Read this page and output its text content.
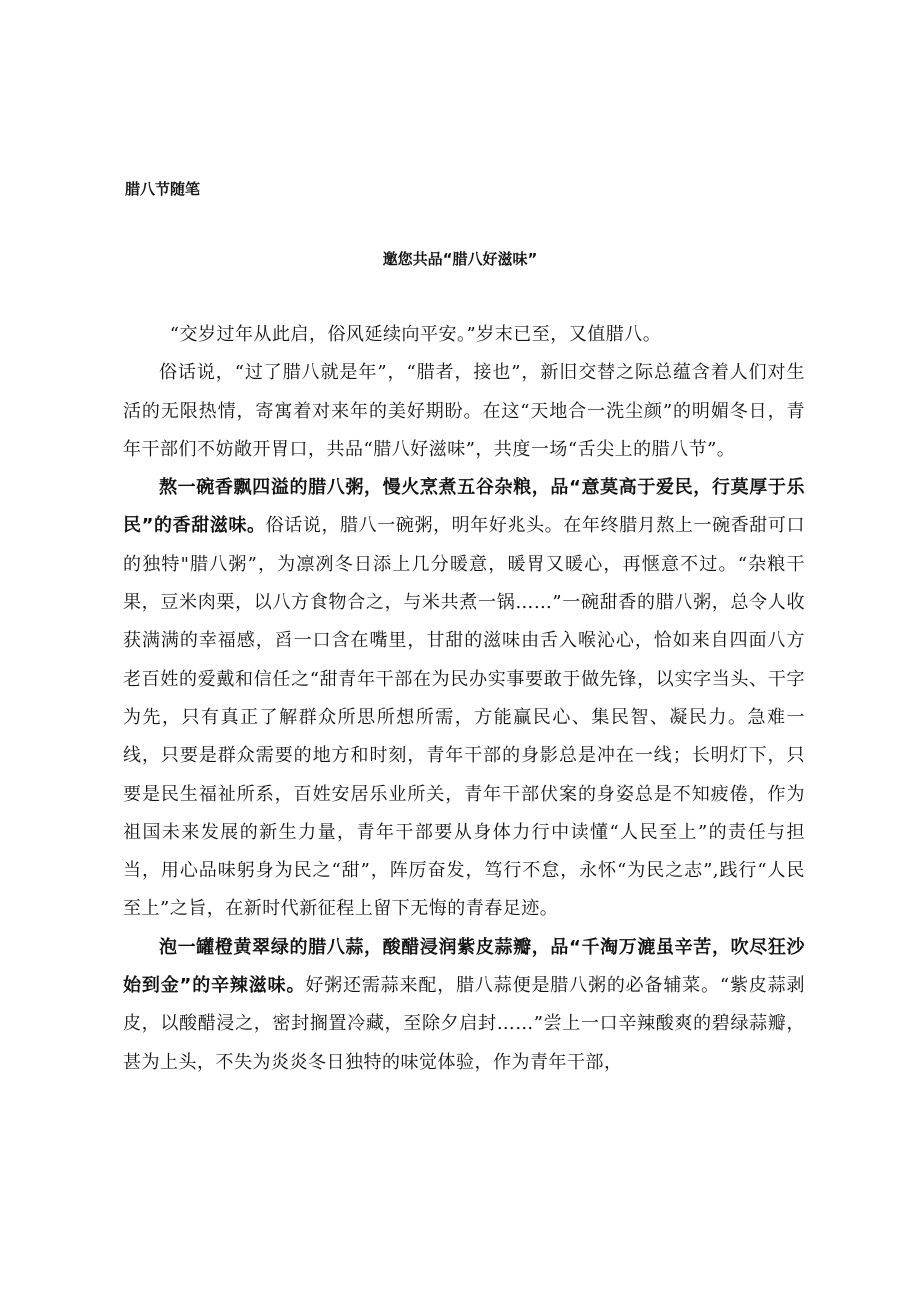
腊八节随笔
邀您共品“腊八好滋味”

“交岁过年从此启，俗风延续向平安。”岁末已至，又值腊八。

俗话说，“过了腊八就是年”，“腊者，接也”，新旧交替之际总蕴含着人们对生活的无限热情，寄寓着对来年的美好期盼。在这“天地合一洗尘颜”的明媚冬日，青年干部们不妨敞开胃口，共品“腊八好滋味”，共度一场“舌尖上的腊八节”。

熬一碗香飘四溢的腊八粥，慢火烹煮五谷杂粮，品“意莫高于爱民，行莫厚于乐民”的香甜滋味。俗话说，腊八一碗粥，明年好兆头。在年终腊月熬上一碗香甜可口的独特"腊八粥”，为凛冽冬日添上几分暖意，暖胃又暖心，再惬意不过。“杂粮干果，豆米肉栗，以八方食物合之，与米共煮一锅……”一碗甜香的腊八粥，总令人收获满满的幸福感，舀一口含在嘴里，甘甜的滋味由舌入喉沁心，恰如来自四面八方老百姓的爱戴和信任之“甜青年干部在为民办实事要敢于做先锋，以实字当头、干字为先，只有真正了解群众所思所想所需，方能赢民心、集民智、凝民力。急难一线，只要是群众需要的地方和时刻，青年干部的身影总是冲在一线；长明灯下，只要是民生福祉所系，百姓安居乐业所关，青年干部伏案的身姿总是不知疲倦，作为祖国未来发展的新生力量，青年干部要从身体力行中读懂“人民至上”的责任与担当，用心品味躬身为民之“甜”，阵厉奋发，笃行不怠，永怀“为民之志”,践行“人民至上”之旨，在新时代新征程上留下无悔的青春足迹。

泡一罐橙黄翠绿的腊八蒜，酸醋浸润紫皮蒜瓣，品“千淘万漉虽辛苦，吹尽狂沙始到金”的辛辣滋味。好粥还需蒜来配，腊八蒜便是腊八粥的必备辅菜。“紫皮蒜剥皮，以酸醋浸之，密封搁置冷藏，至除夕启封……”尝上一口辛辣酸爽的碧绿蒜瓣，甚为上头，不失为炎炎冬日独特的味觉体验，作为青年干部，
